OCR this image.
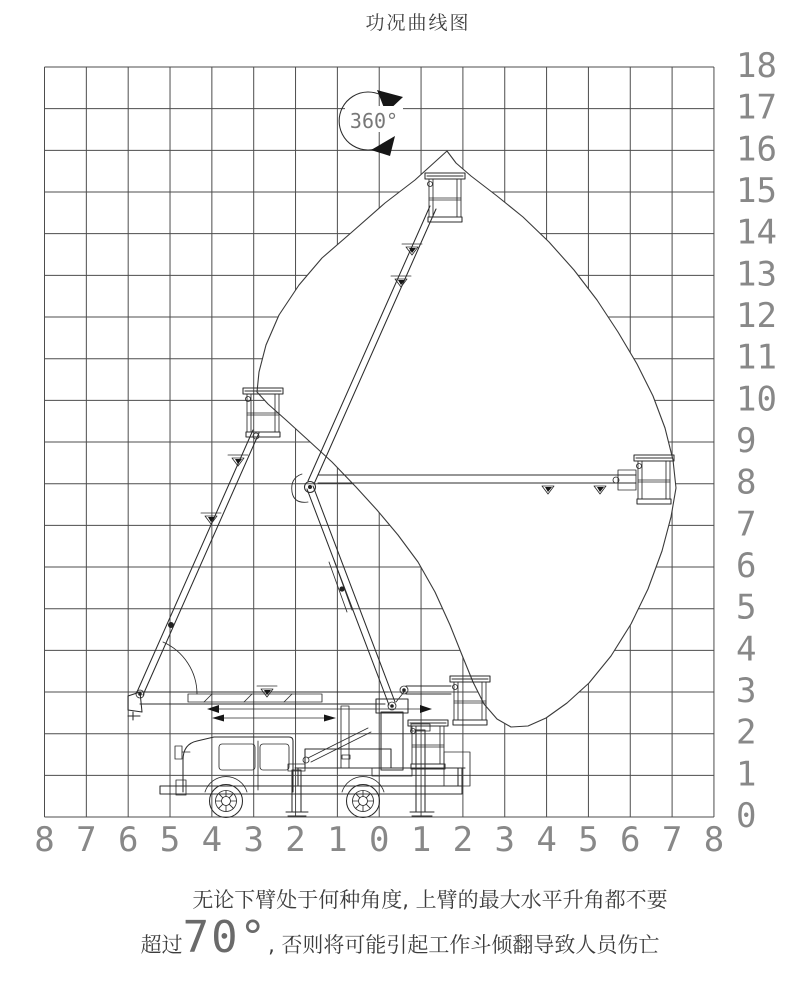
功况曲线图
360°
8 7 6 5 4 3 2 1 0 1 2 3 4 5 6 7 8
0
1
2
3
4
5
6
7
8
9
10
11
12
13
14
15
16
17
18
无论下臂处于何种角度, 上臂的最大水平升角都不要
超过 70° , 否则将可能引起工作斗倾翻导致人员伤亡
